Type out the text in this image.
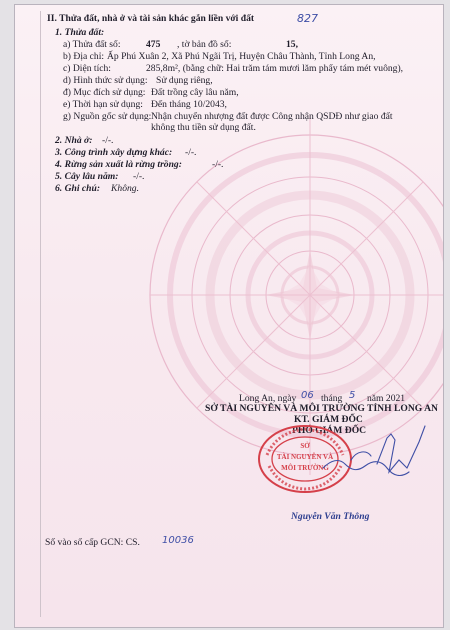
827
II. Thửa đất, nhà ở và tài sản khác gắn liền với đất
1. Thửa đất:
a) Thửa đất số:	475 , tờ bản đồ số:	15,
b) Địa chỉ: Ấp Phú Xuân 2, Xã Phú Ngãi Trị, Huyện Châu Thành, Tỉnh Long An,
c) Diện tích:	285,8m², (bằng chữ: Hai trăm tám mươi lăm phẩy tám mét vuông),
d) Hình thức sử dụng: Sử dụng riêng,
đ) Mục đích sử dụng: Đất trồng cây lâu năm,
e) Thời hạn sử dụng: Đến tháng 10/2043,
g) Nguồn gốc sử dụng: Nhận chuyển nhượng đất được Công nhận QSDĐ như giao đất
không thu tiền sử dụng đất.
2. Nhà ở: -/-.
3. Công trình xây dựng khác: -/-.
4. Rừng sản xuất là rừng trồng:	-/-.
5. Cây lâu năm: -/-.
6. Ghi chú: Không.
Long An, ngày 06 tháng 5 năm 2021
SỞ TÀI NGUYÊN VÀ MÔI TRƯỜNG TỈNH LONG AN
KT. GIÁM ĐỐC
PHÓ GIÁM ĐỐC
SỞ
TÀI NGUYÊN VÀ
MÔI TRƯỜNG
Nguyễn Văn Thông
Số vào sổ cấp GCN: CS. 10036
